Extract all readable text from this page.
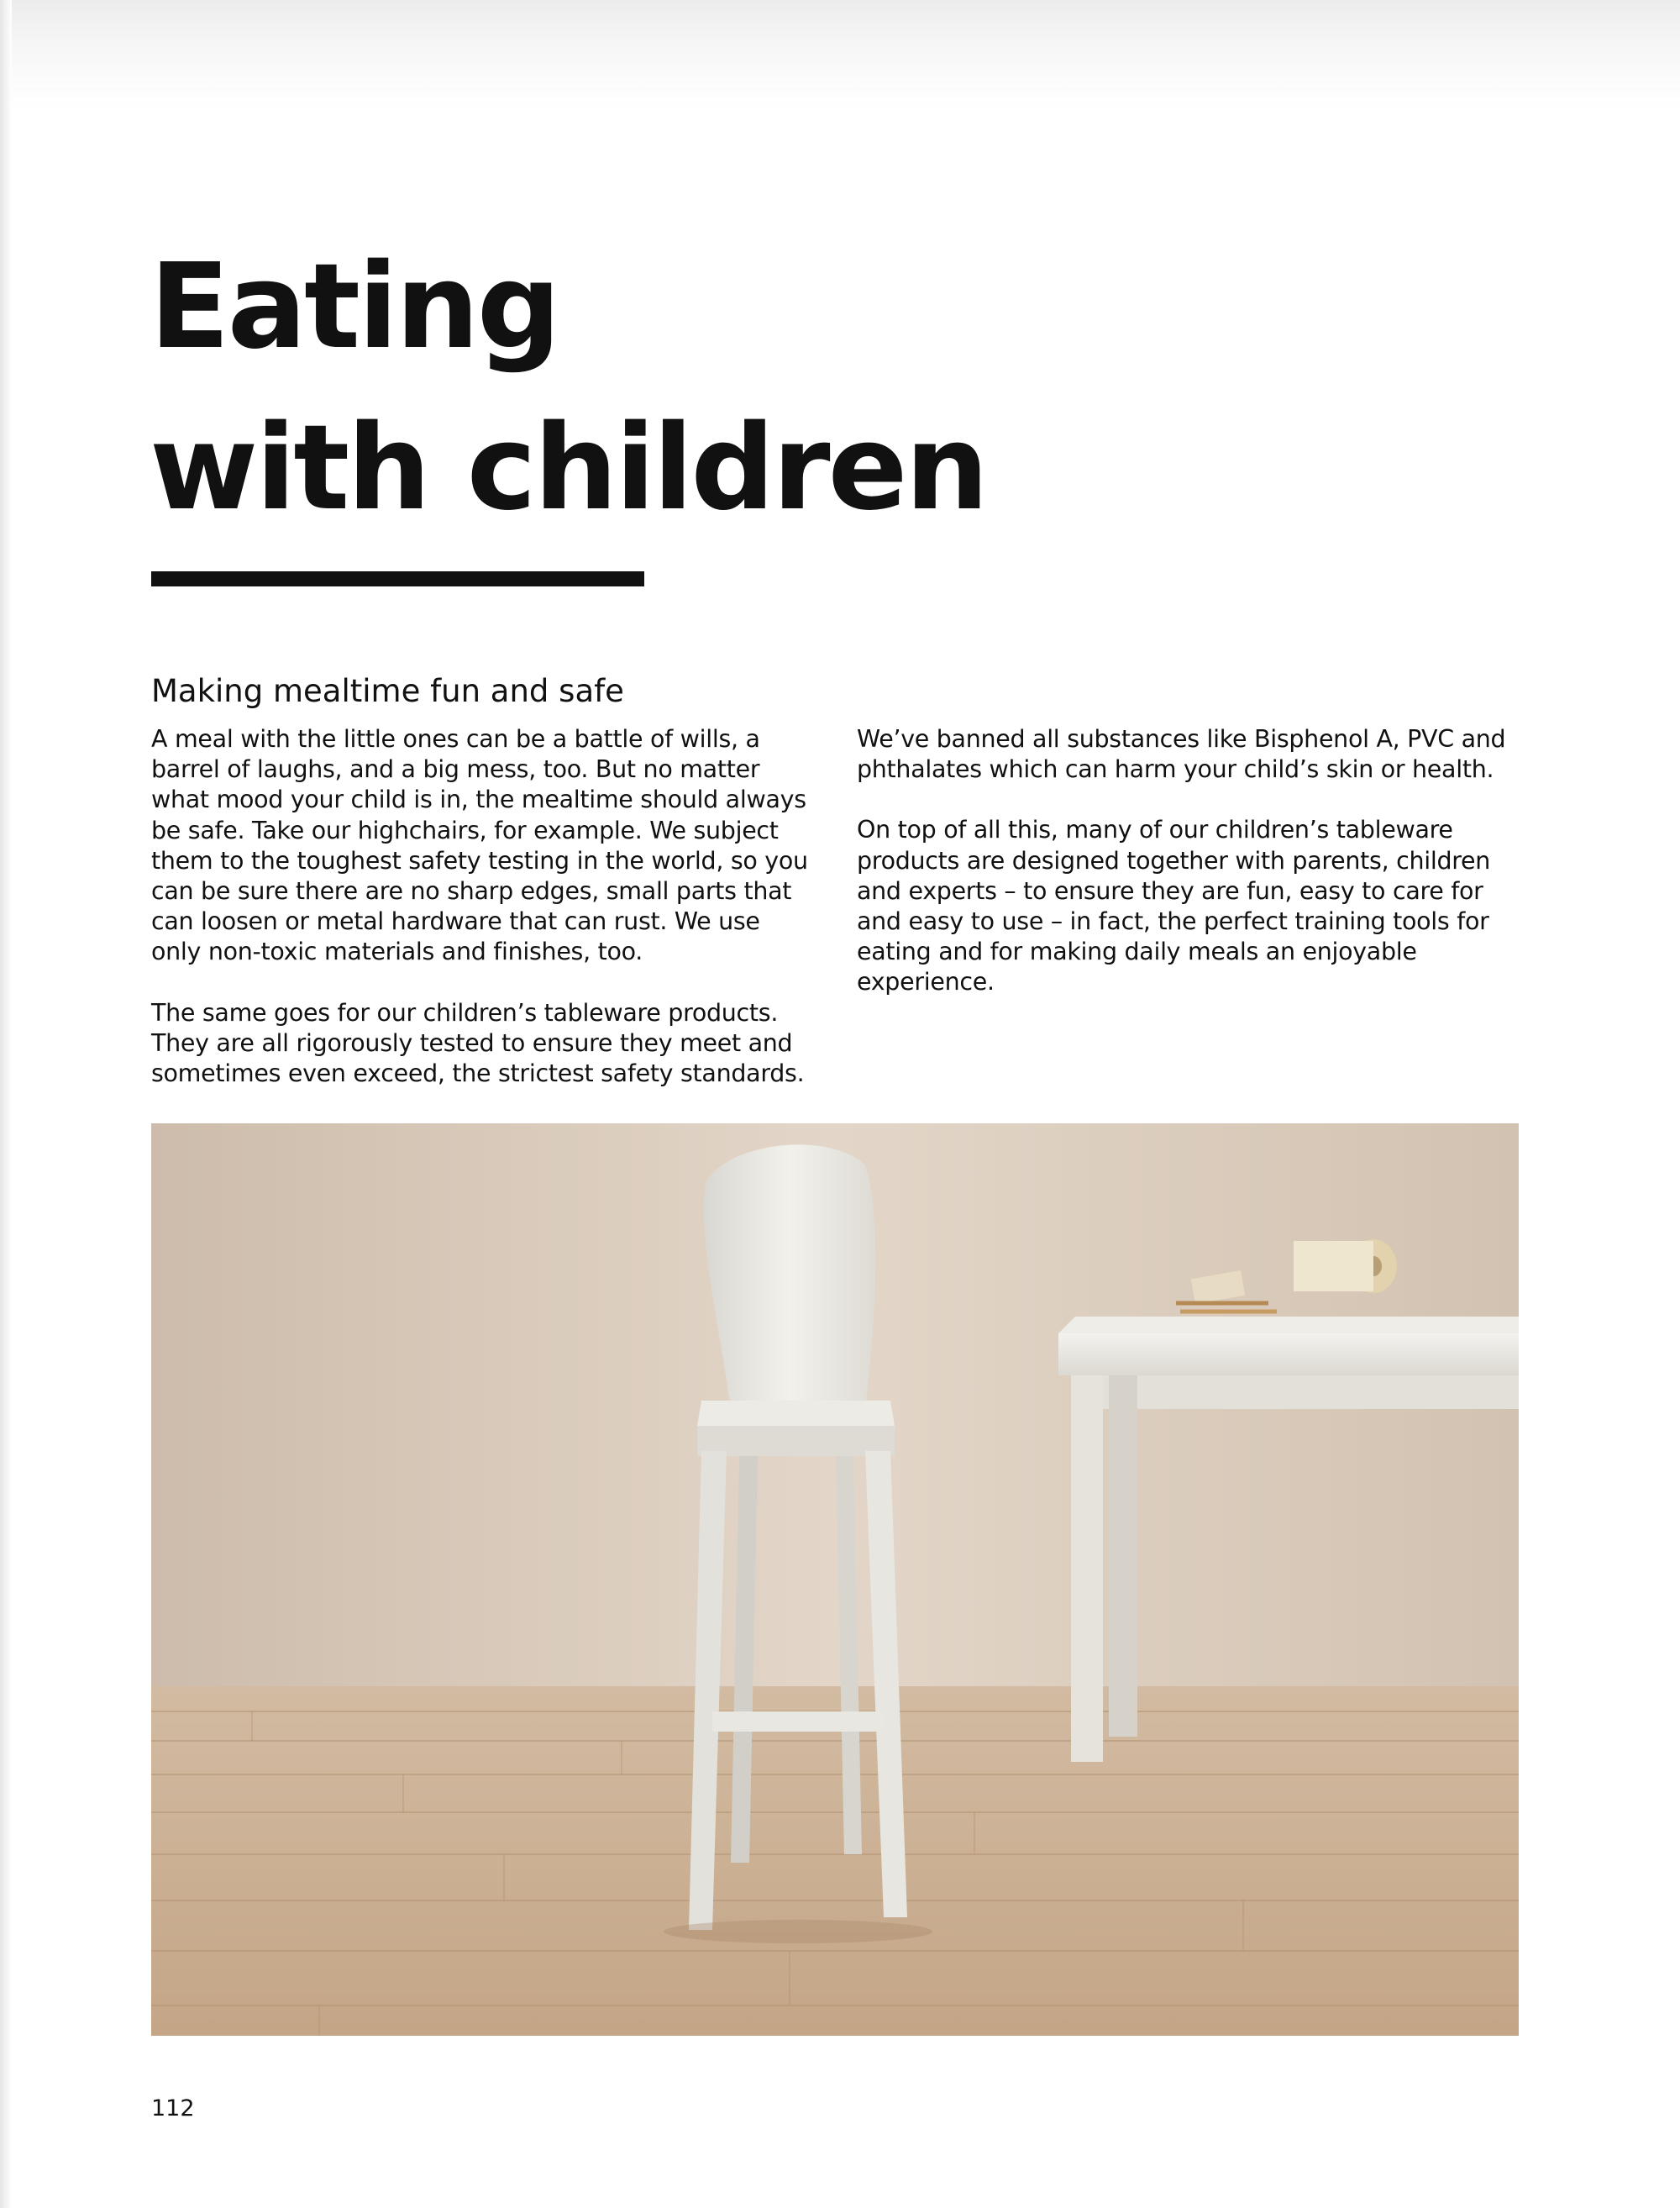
Eating
with children
Making mealtime fun and safe

A meal with the little ones can be a battle of wills, a
barrel of laughs, and a big mess, too. But no matter
what mood your child is in, the mealtime should always
be safe. Take our highchairs, for example. We subject
them to the toughest safety testing in the world, so you
can be sure there are no sharp edges, small parts that
can loosen or metal hardware that can rust. We use
only non-toxic materials and finishes, too.

The same goes for our children’s tableware products.
They are all rigorously tested to ensure they meet and
sometimes even exceed, the strictest safety standards.

We’ve banned all substances like Bisphenol A, PVC and
phthalates which can harm your child’s skin or health.

On top of all this, many of our children’s tableware
products are designed together with parents, children
and experts – to ensure they are fun, easy to care for
and easy to use – in fact, the perfect training tools for
eating and for making daily meals an enjoyable
experience.

112
